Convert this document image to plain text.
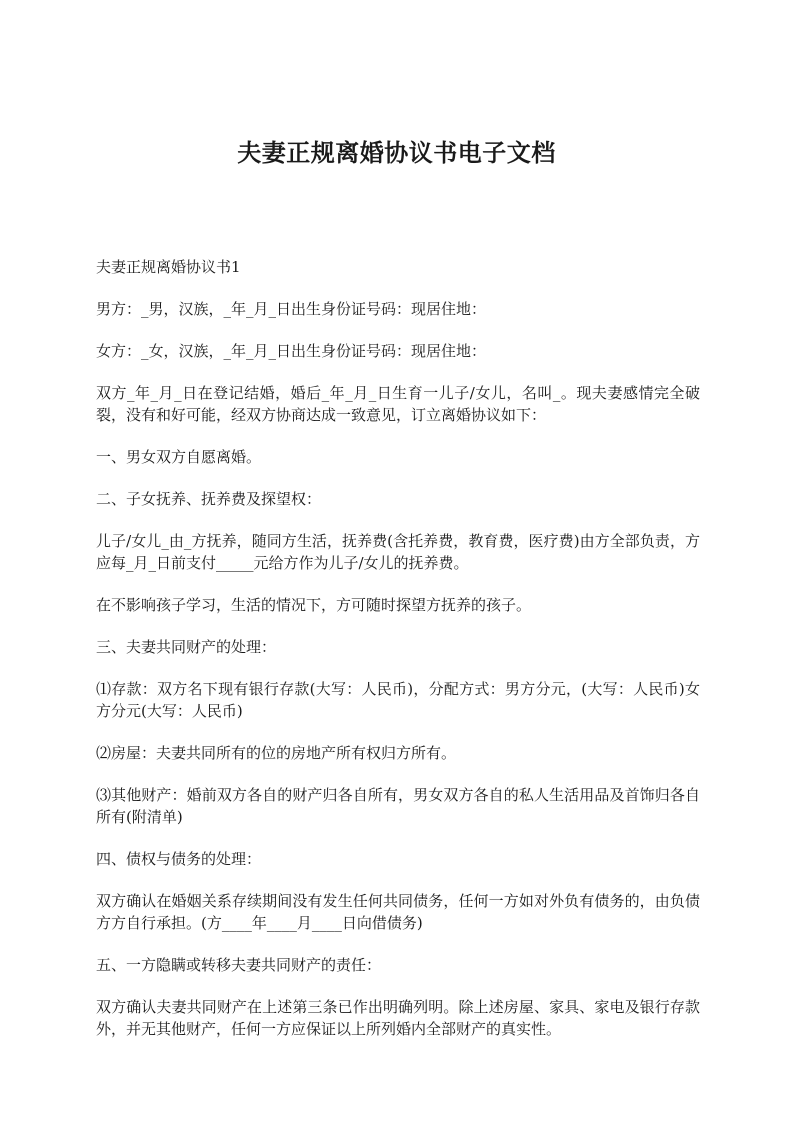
夫妻正规离婚协议书电子文档

夫妻正规离婚协议书1

男方：_男，汉族，_年_月_日出生身份证号码：现居住地：

女方：_女，汉族，_年_月_日出生身份证号码：现居住地：

双方_年_月_日在登记结婚，婚后_年_月_日生育一儿子/女儿，名叫_。现夫妻感情完全破裂，没有和好可能，经双方协商达成一致意见，订立离婚协议如下：

一、男女双方自愿离婚。

二、子女抚养、抚养费及探望权：

儿子/女儿_由_方抚养，随同方生活，抚养费(含托养费，教育费，医疗费)由方全部负责，方应每_月_日前支付_____元给方作为儿子/女儿的抚养费。

在不影响孩子学习，生活的情况下，方可随时探望方抚养的孩子。

三、夫妻共同财产的处理：

⑴存款：双方名下现有银行存款(大写：人民币)，分配方式：男方分元，(大写：人民币)女方分元(大写：人民币)

⑵房屋：夫妻共同所有的位的房地产所有权归方所有。

⑶其他财产：婚前双方各自的财产归各自所有，男女双方各自的私人生活用品及首饰归各自所有(附清单)

四、债权与债务的处理：

双方确认在婚姻关系存续期间没有发生任何共同债务，任何一方如对外负有债务的，由负债方方自行承担。(方____年____月____日向借债务)

五、一方隐瞒或转移夫妻共同财产的责任：

双方确认夫妻共同财产在上述第三条已作出明确列明。除上述房屋、家具、家电及银行存款外，并无其他财产，任何一方应保证以上所列婚内全部财产的真实性。
